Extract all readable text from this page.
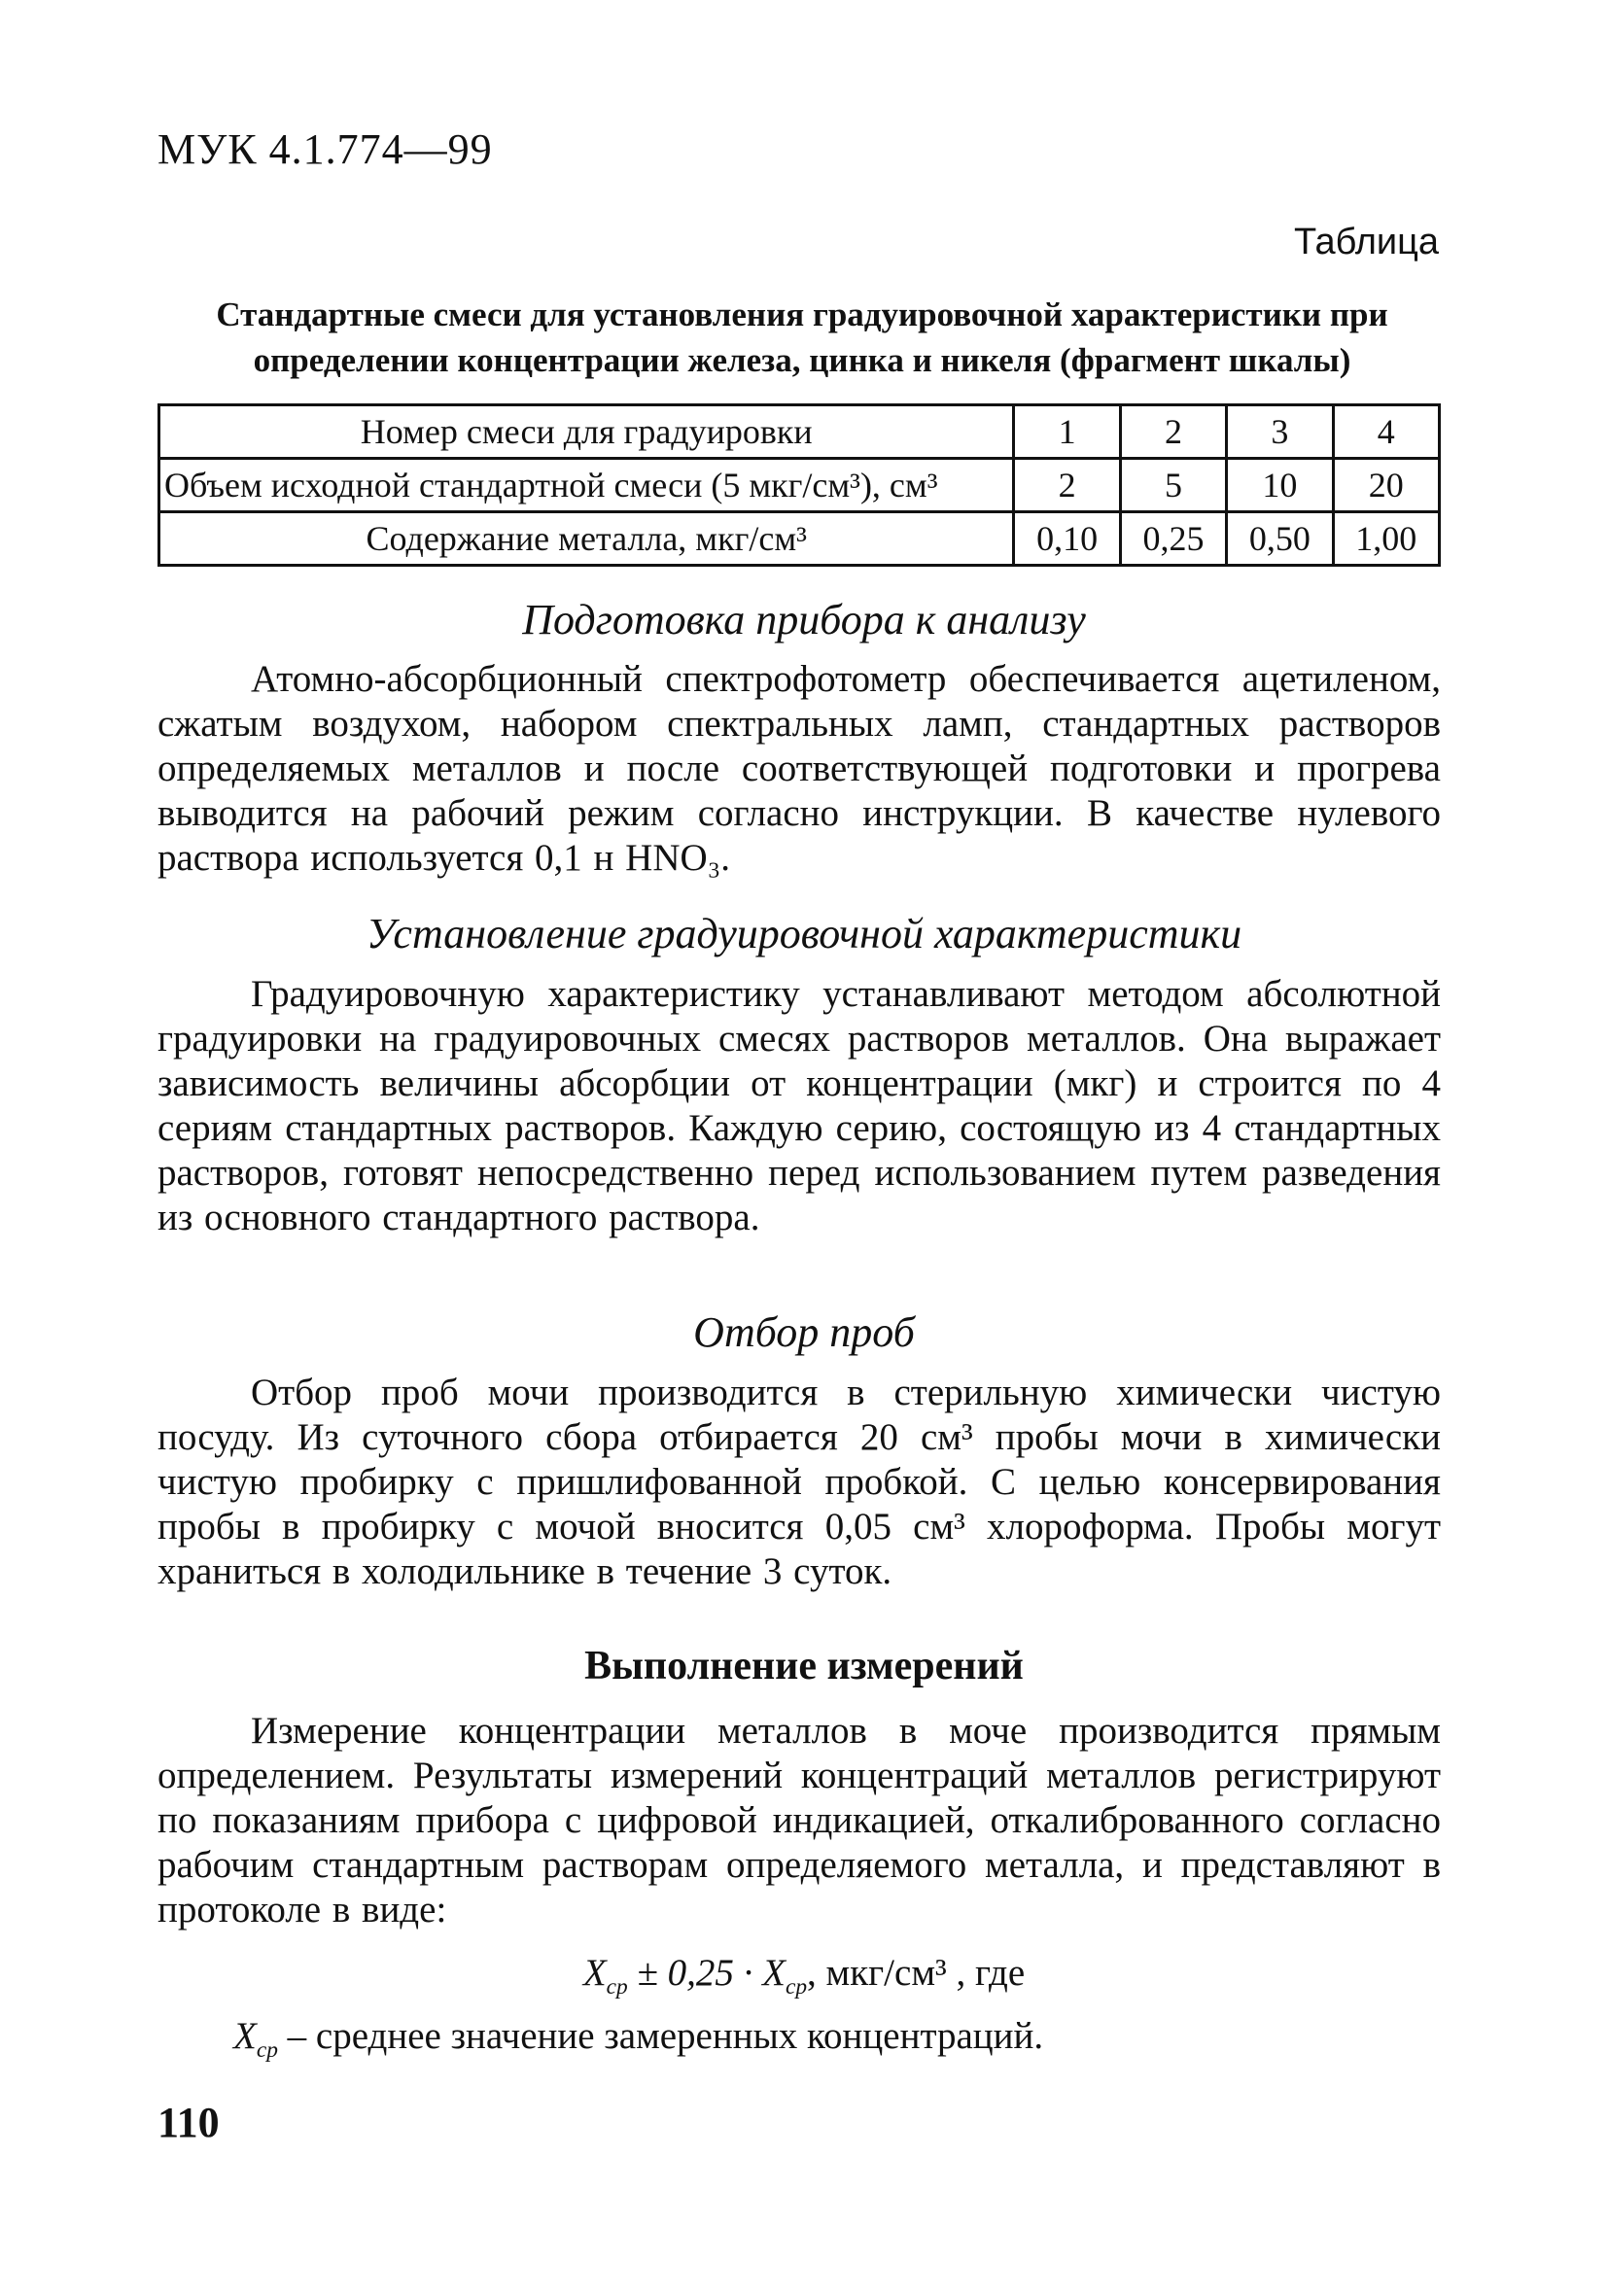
МУК 4.1.774—99

Таблица

Стандартные смеси для установления градуировочной характеристики при
определении концентрации железа, цинка и никеля (фрагмент шкалы)
Номер смеси для градуировки	1	2	3	4
Объем исходной стандартной смеси (5 мкг/см³), см³	2	5	10	20
Содержание металла, мкг/см³	0,10	0,25	0,50	1,00

Подготовка прибора к анализу

Атомно-абсорбционный спектрофотометр обеспечивается ацетиленом, сжатым воздухом, набором спектральных ламп, стандартных растворов определяемых металлов и после соответствующей подготовки и прогрева выводится на рабочий режим согласно инструкции. В качестве нулевого раствора используется 0,1 н HNO₃.

Установление градуировочной характеристики

Градуировочную характеристику устанавливают методом абсолютной градуировки на градуировочных смесях растворов металлов. Она выражает зависимость величины абсорбции от концентрации (мкг) и строится по 4 сериям стандартных растворов. Каждую серию, состоящую из 4 стандартных растворов, готовят непосредственно перед использованием путем разведения из основного стандартного раствора.

Отбор проб

Отбор проб мочи производится в стерильную химически чистую посуду. Из суточного сбора отбирается 20 см³ пробы мочи в химически чистую пробирку с пришлифованной пробкой. С целью консервирования пробы в пробирку с мочой вносится 0,05 см³ хлороформа. Пробы могут храниться в холодильнике в течение 3 суток.

Выполнение измерений

Измерение концентрации металлов в моче производится прямым определением. Результаты измерений концентраций металлов регистрируют по показаниям прибора с цифровой индикацией, откалиброванного согласно рабочим стандартным растворам определяемого металла, и представляют в протоколе в виде:

$X_{ср} \pm 0,25 \cdot X_{ср}$, мкг/см³ , где

$X_{ср}$ – среднее значение замеренных концентраций.

110
